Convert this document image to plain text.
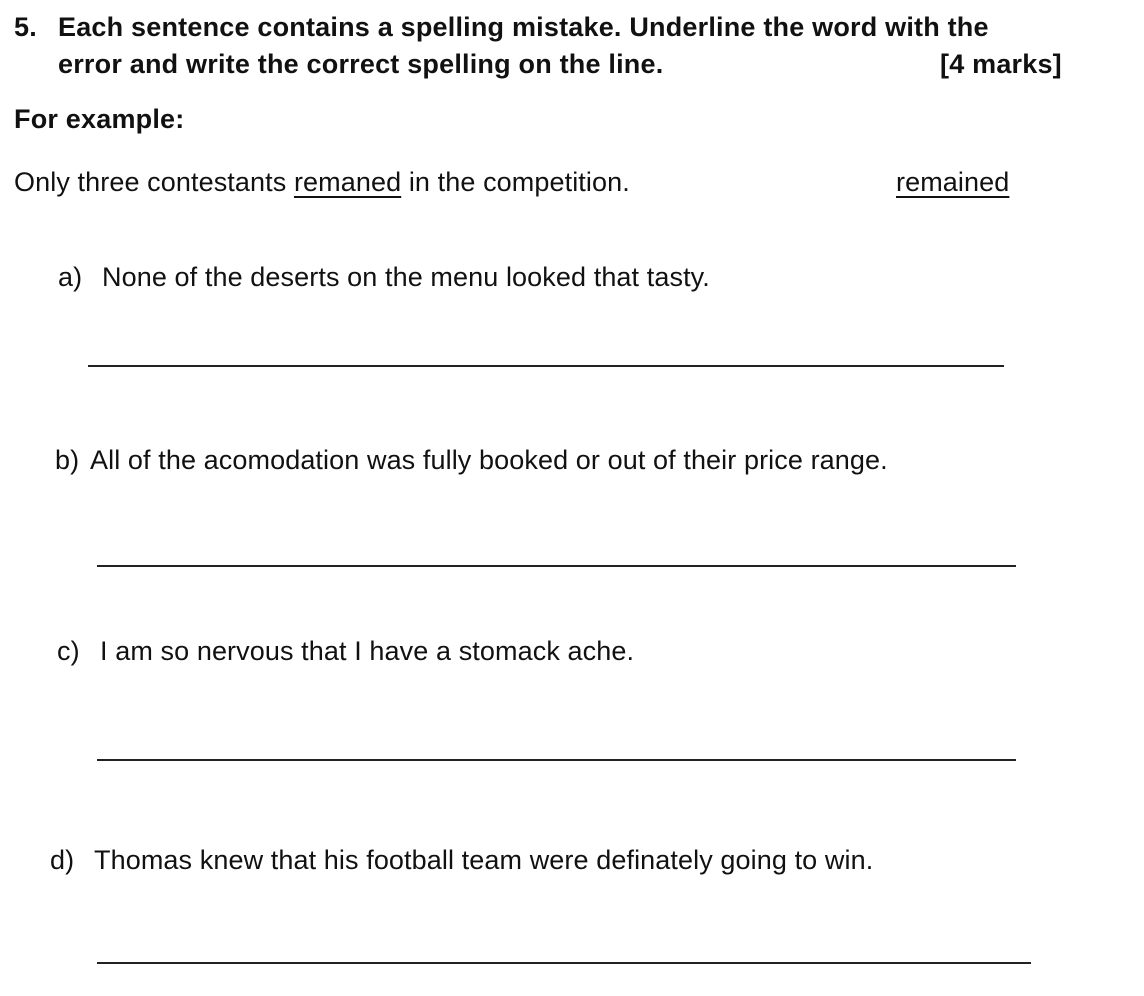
5. Each sentence contains a spelling mistake. Underline the word with the
error and write the correct spelling on the line.	[4 marks]
For example:
Only three contestants remaned in the competition.	remained
a) None of the deserts on the menu looked that tasty.
b) All of the acomodation was fully booked or out of their price range.
c) I am so nervous that I have a stomack ache.
d) Thomas knew that his football team were definately going to win.
